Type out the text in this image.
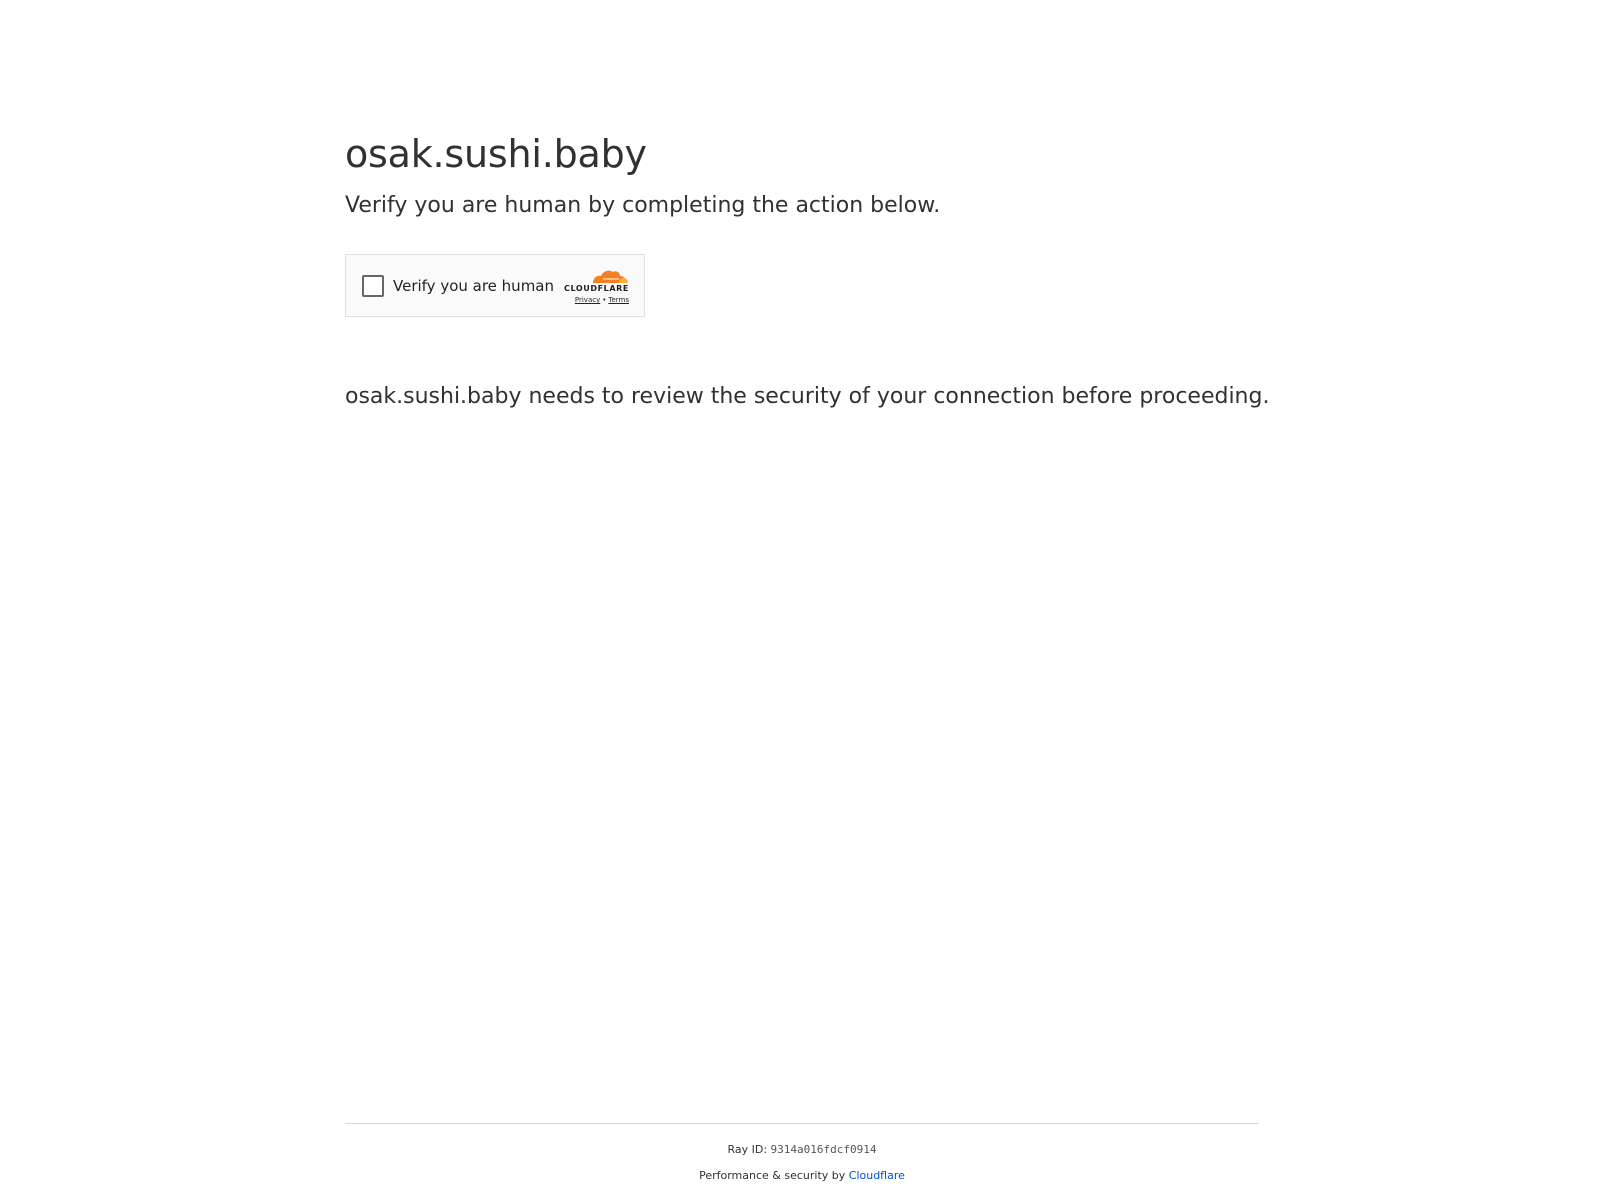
osak.sushi.baby
Verify you are human by completing the action below.
Verify you are human	CLOUDFLARE
Privacy • Terms
osak.sushi.baby needs to review the security of your connection before proceeding.
Ray ID: 9314a016fdcf0914
Performance & security by Cloudflare
